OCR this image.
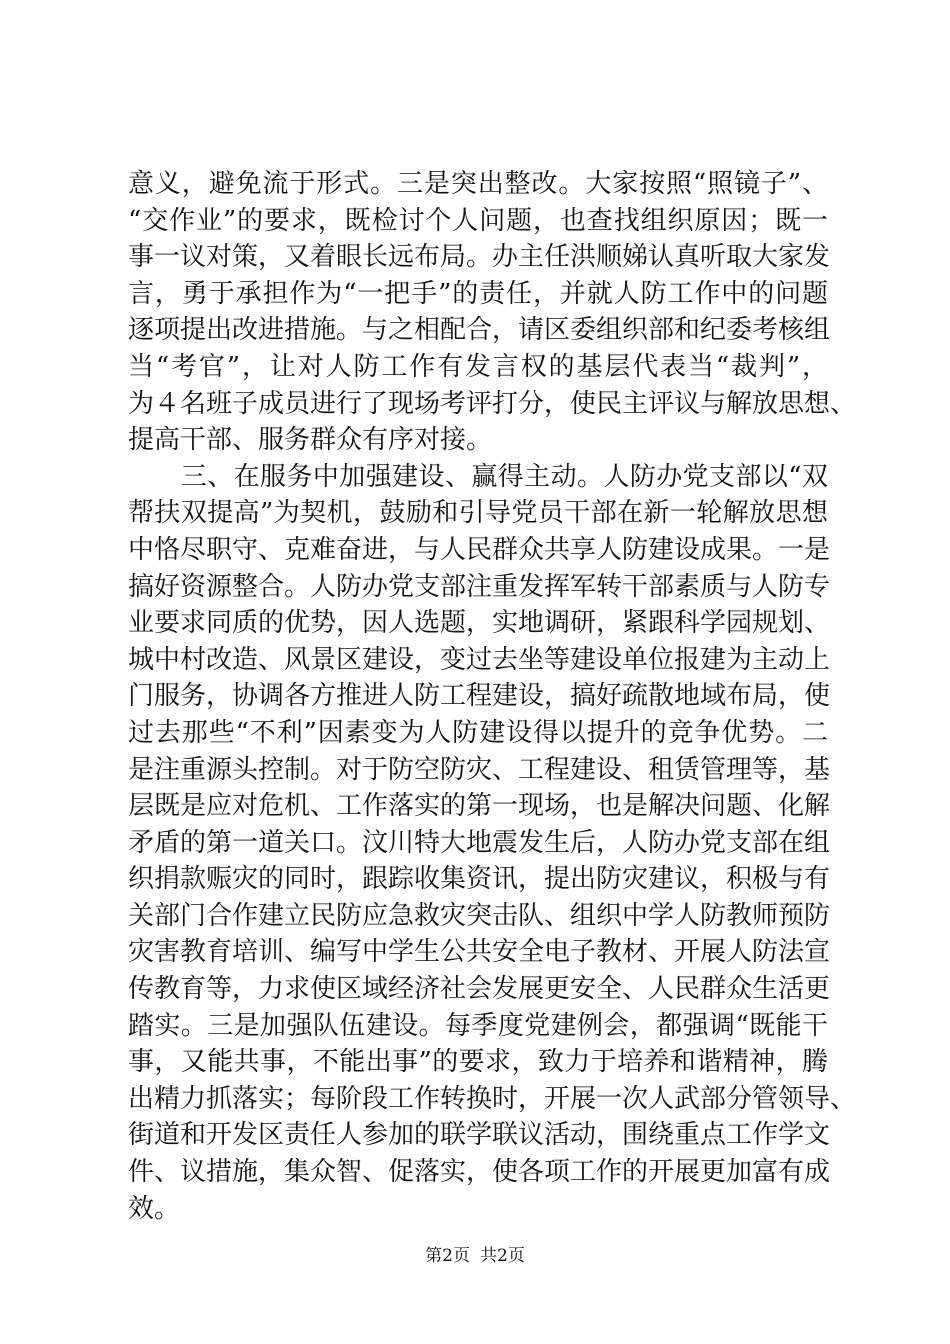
意义，避免流于形式。三是突出整改。大家按照“照镜子”、
“交作业”的要求，既检讨个人问题，也查找组织原因；既一
事一议对策，又着眼长远布局。办主任洪顺娣认真听取大家发
言，勇于承担作为“一把手”的责任，并就人防工作中的问题
逐项提出改进措施。与之相配合，请区委组织部和纪委考核组
当“考官”，让对人防工作有发言权的基层代表当“裁判”，
为４名班子成员进行了现场考评打分，使民主评议与解放思想、
提高干部、服务群众有序对接。
　　三、在服务中加强建设、赢得主动。人防办党支部以“双
帮扶双提高”为契机，鼓励和引导党员干部在新一轮解放思想
中恪尽职守、克难奋进，与人民群众共享人防建设成果。一是
搞好资源整合。人防办党支部注重发挥军转干部素质与人防专
业要求同质的优势，因人选题，实地调研，紧跟科学园规划、
城中村改造、风景区建设，变过去坐等建设单位报建为主动上
门服务，协调各方推进人防工程建设，搞好疏散地域布局，使
过去那些“不利”因素变为人防建设得以提升的竞争优势。二
是注重源头控制。对于防空防灾、工程建设、租赁管理等，基
层既是应对危机、工作落实的第一现场，也是解决问题、化解
矛盾的第一道关口。汶川特大地震发生后，人防办党支部在组
织捐款赈灾的同时，跟踪收集资讯，提出防灾建议，积极与有
关部门合作建立民防应急救灾突击队、组织中学人防教师预防
灾害教育培训、编写中学生公共安全电子教材、开展人防法宣
传教育等，力求使区域经济社会发展更安全、人民群众生活更
踏实。三是加强队伍建设。每季度党建例会，都强调“既能干
事，又能共事，不能出事”的要求，致力于培养和谐精神，腾
出精力抓落实；每阶段工作转换时，开展一次人武部分管领导、
街道和开发区责任人参加的联学联议活动，围绕重点工作学文
件、议措施，集众智、促落实，使各项工作的开展更加富有成
效。
第2页 共2页
